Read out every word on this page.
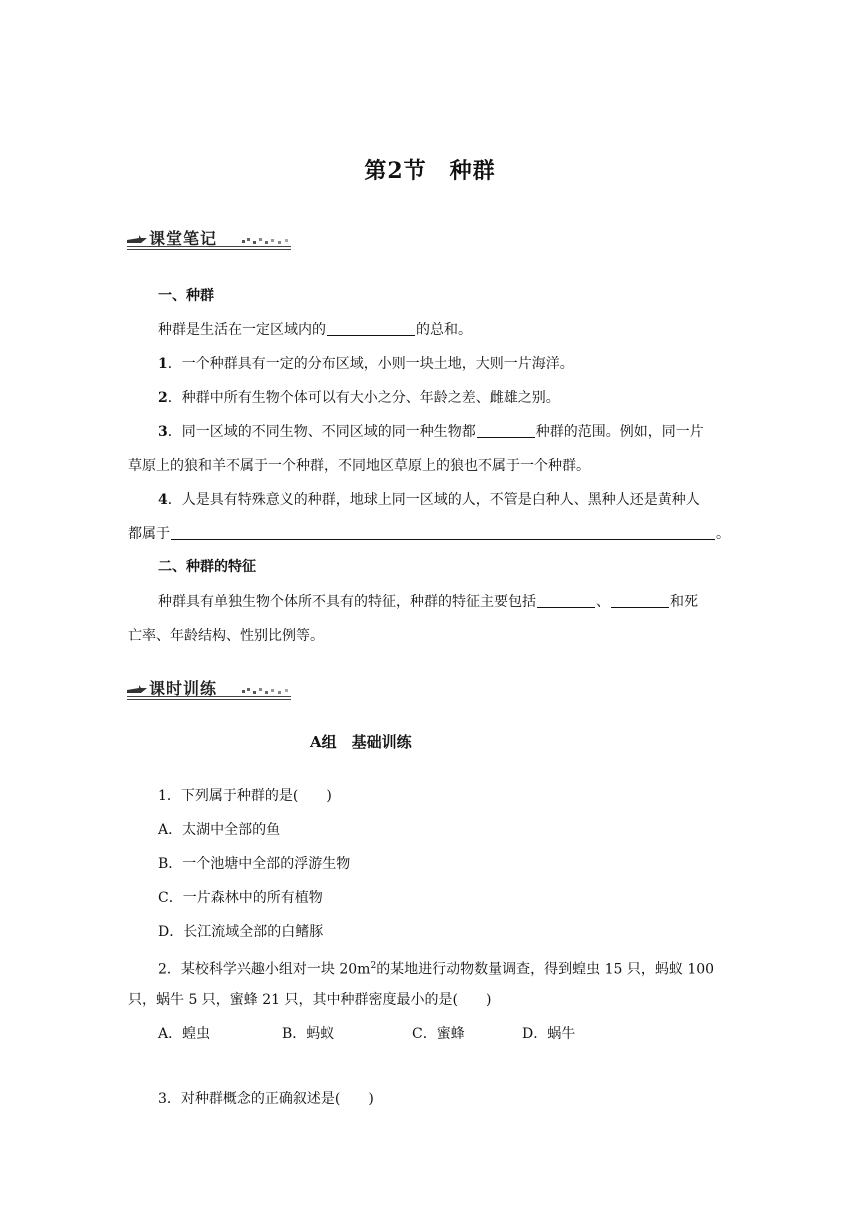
第2节　种群
课堂笔记
一、种群
种群是生活在一定区域内的	的总和。
1．一个种群具有一定的分布区域，小则一块土地，大则一片海洋。
2．种群中所有生物个体可以有大小之分、年龄之差、雌雄之别。
3．同一区域的不同生物、不同区域的同一种生物都	种群的范围。例如，同一片
草原上的狼和羊不属于一个种群，不同地区草原上的狼也不属于一个种群。
4．人是具有特殊意义的种群，地球上同一区域的人，不管是白种人、黑种人还是黄种人
都属于	。
二、种群的特征
种群具有单独生物个体所不具有的特征，种群的特征主要包括	、	和死
亡率、年龄结构、性别比例等。
课时训练
A组　基础训练
1．下列属于种群的是(　　)
A．太湖中全部的鱼
B．一个池塘中全部的浮游生物
C．一片森林中的所有植物
D．长江流域全部的白鳍豚
2．某校科学兴趣小组对一块 $20m^2$的某地进行动物数量调查，得到蝗虫 15 只，蚂蚁 100
只，蜗牛 5 只，蜜蜂 21 只，其中种群密度最小的是(　　)
A．蝗虫	B．蚂蚁	C．蜜蜂	D．蜗牛
3．对种群概念的正确叙述是(　　)
